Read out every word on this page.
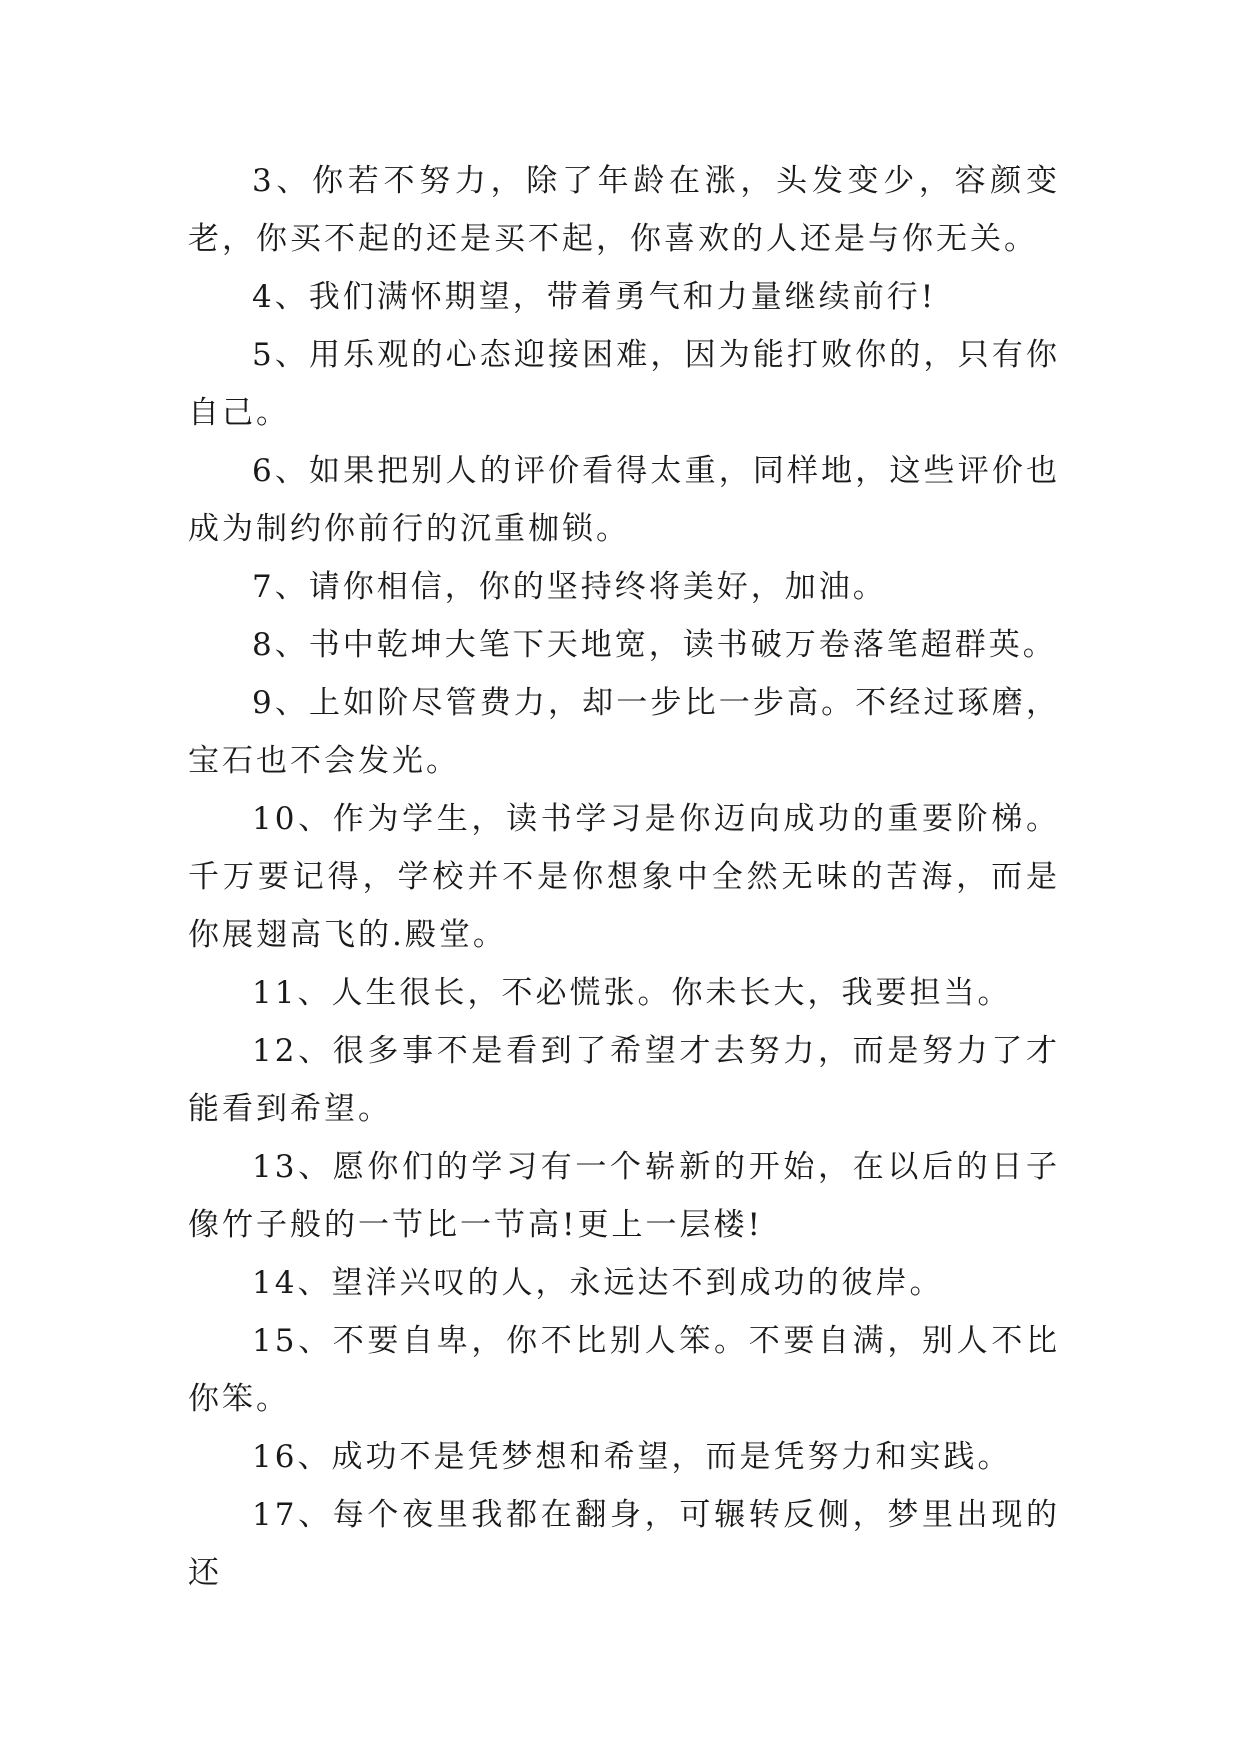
3、你若不努力，除了年龄在涨，头发变少，容颜变老，你买不起的还是买不起，你喜欢的人还是与你无关。

4、我们满怀期望，带着勇气和力量继续前行!

5、用乐观的心态迎接困难，因为能打败你的，只有你自己。

6、如果把别人的评价看得太重，同样地，这些评价也成为制约你前行的沉重枷锁。

7、请你相信，你的坚持终将美好，加油。

8、书中乾坤大笔下天地宽，读书破万卷落笔超群英。

9、上如阶尽管费力，却一步比一步高。不经过琢磨，宝石也不会发光。

10、作为学生，读书学习是你迈向成功的重要阶梯。千万要记得，学校并不是你想象中全然无味的苦海，而是你展翅高飞的.殿堂。

11、人生很长，不必慌张。你未长大，我要担当。

12、很多事不是看到了希望才去努力，而是努力了才能看到希望。

13、愿你们的学习有一个崭新的开始，在以后的日子像竹子般的一节比一节高!更上一层楼!

14、望洋兴叹的人，永远达不到成功的彼岸。

15、不要自卑，你不比别人笨。不要自满，别人不比你笨。

16、成功不是凭梦想和希望，而是凭努力和实践。

17、每个夜里我都在翻身，可辗转反侧，梦里出现的还
